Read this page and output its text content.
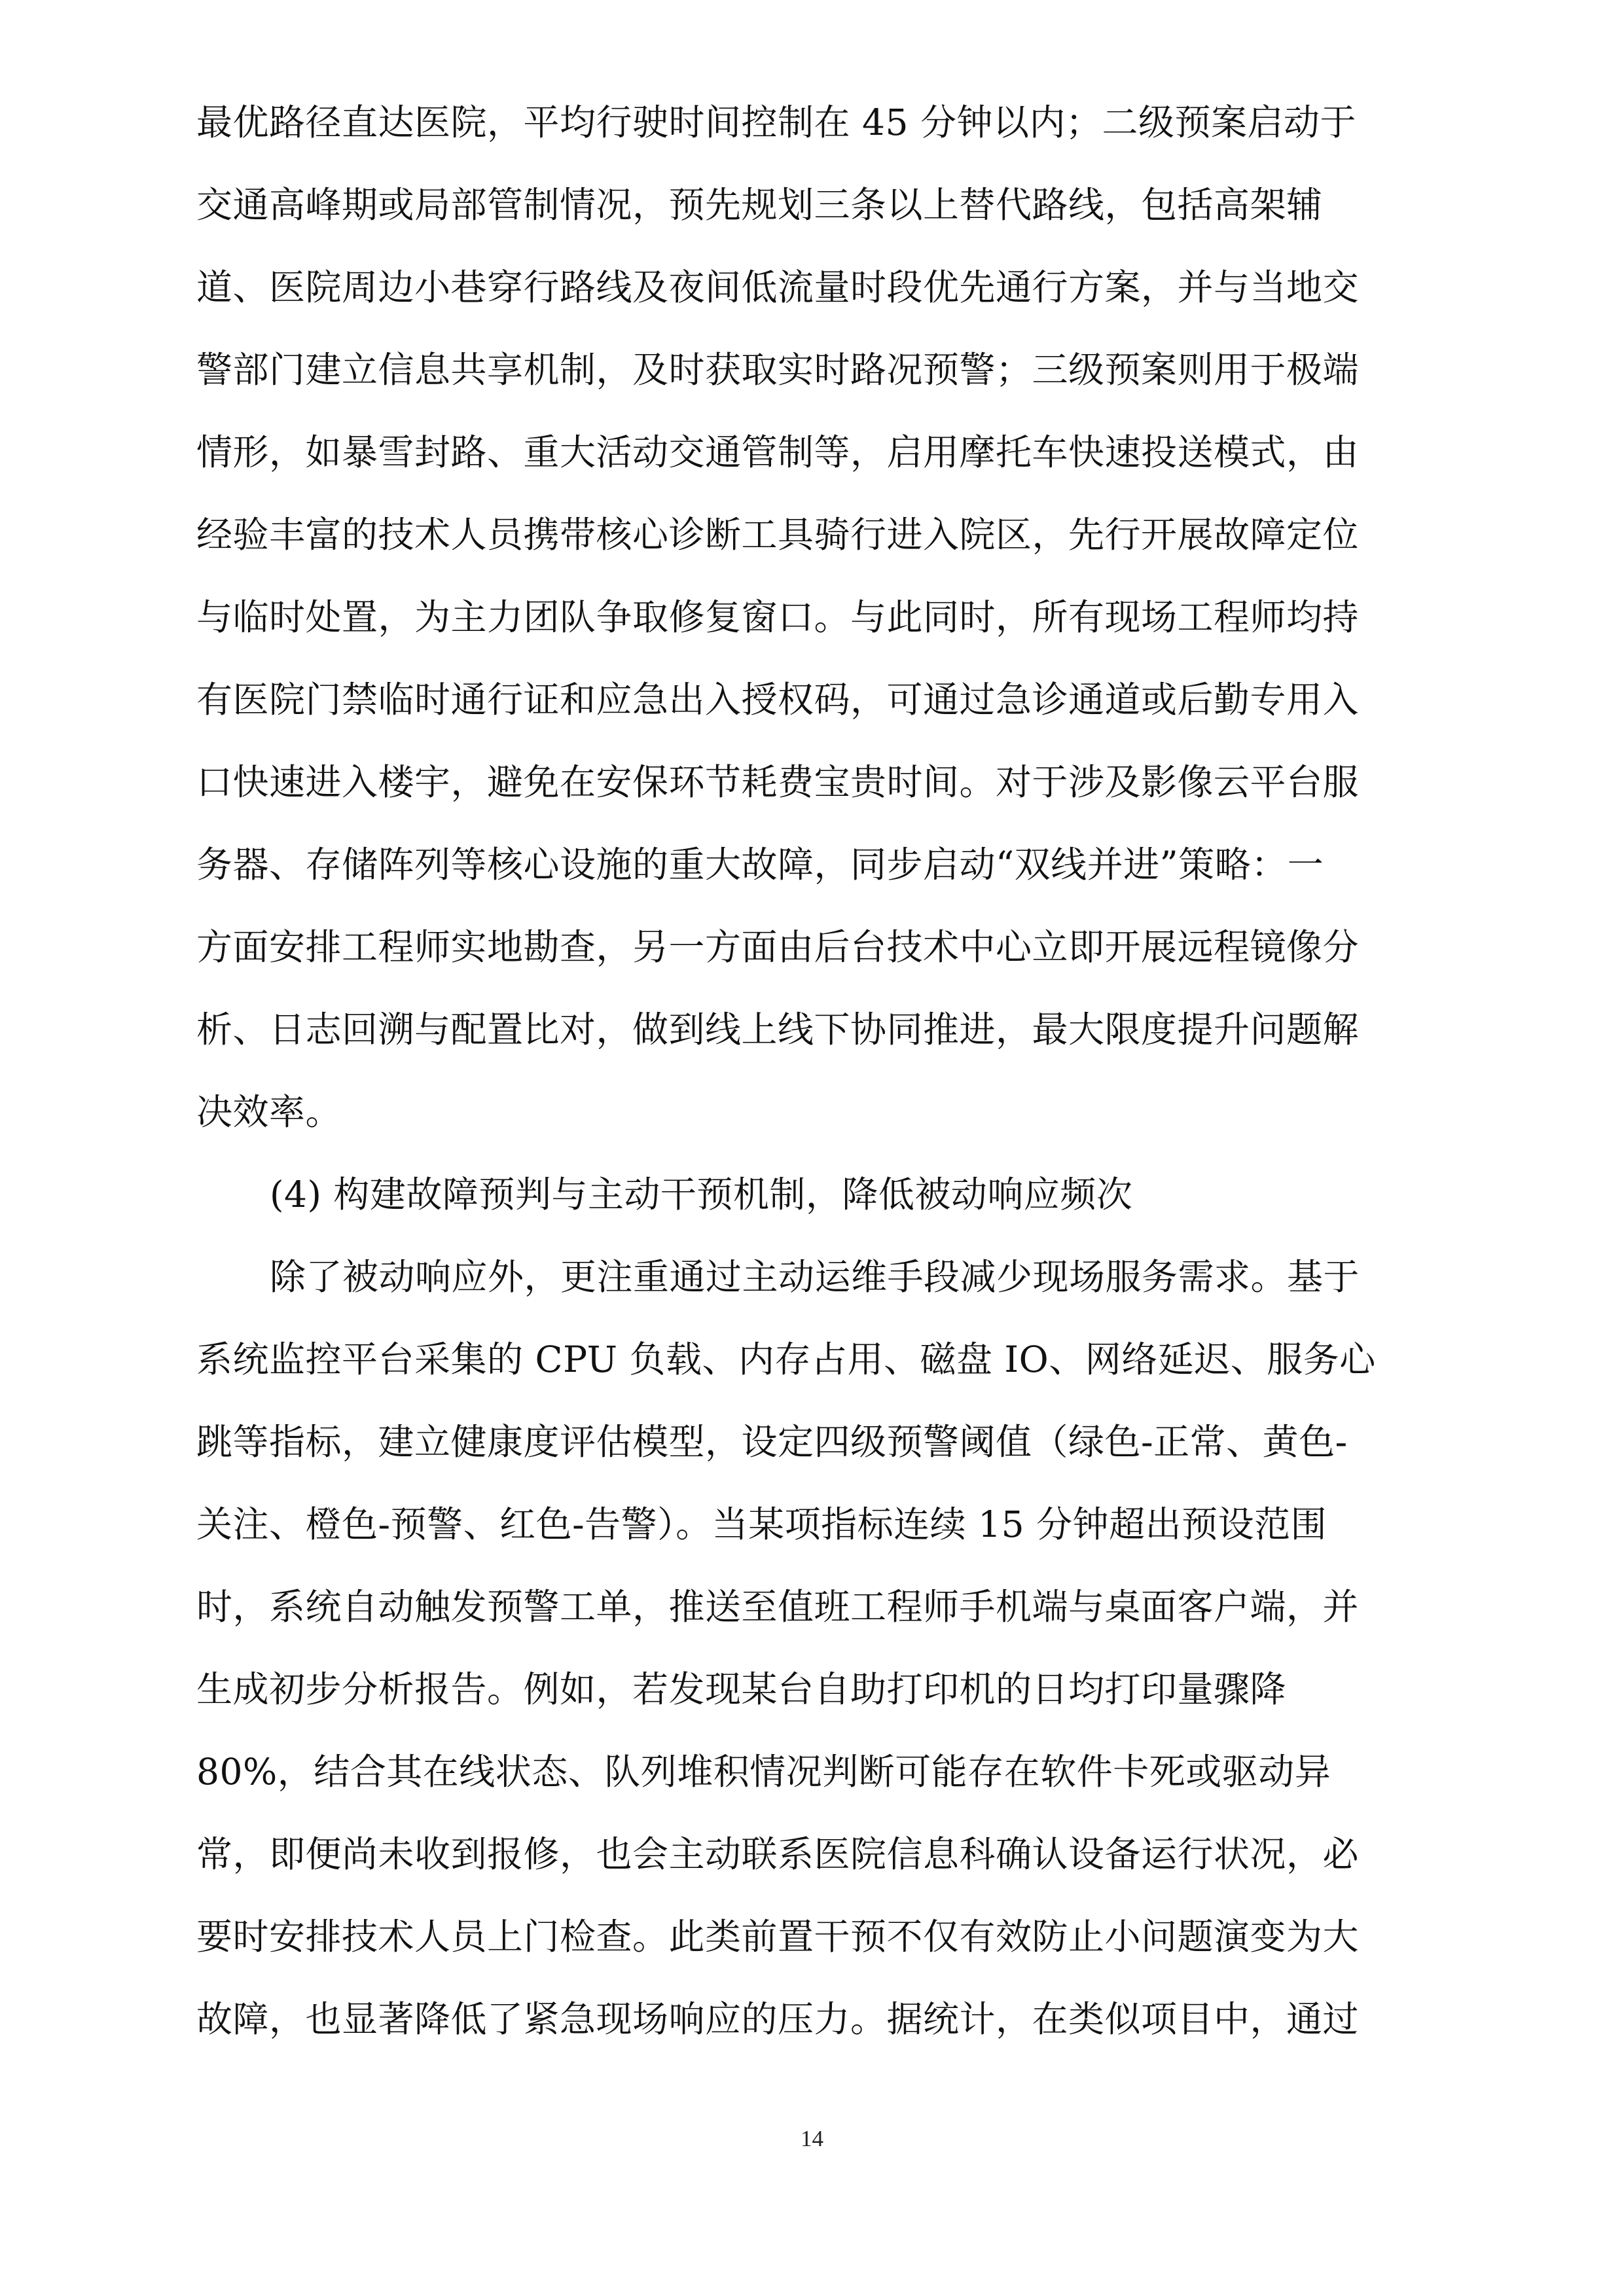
最优路径直达医院，平均行驶时间控制在 45 分钟以内；二级预案启动于
交通高峰期或局部管制情况，预先规划三条以上替代路线，包括高架辅
道、医院周边小巷穿行路线及夜间低流量时段优先通行方案，并与当地交
警部门建立信息共享机制，及时获取实时路况预警；三级预案则用于极端
情形，如暴雪封路、重大活动交通管制等，启用摩托车快速投送模式，由
经验丰富的技术人员携带核心诊断工具骑行进入院区，先行开展故障定位
与临时处置，为主力团队争取修复窗口。与此同时，所有现场工程师均持
有医院门禁临时通行证和应急出入授权码，可通过急诊通道或后勤专用入
口快速进入楼宇，避免在安保环节耗费宝贵时间。对于涉及影像云平台服
务器、存储阵列等核心设施的重大故障，同步启动“双线并进”策略：一
方面安排工程师实地勘查，另一方面由后台技术中心立即开展远程镜像分
析、日志回溯与配置比对，做到线上线下协同推进，最大限度提升问题解
决效率。
(4) 构建故障预判与主动干预机制，降低被动响应频次
除了被动响应外，更注重通过主动运维手段减少现场服务需求。基于
系统监控平台采集的 CPU 负载、内存占用、磁盘 IO、网络延迟、服务心
跳等指标，建立健康度评估模型，设定四级预警阈值（绿色-正常、黄色-
关注、橙色-预警、红色-告警）。当某项指标连续 15 分钟超出预设范围
时，系统自动触发预警工单，推送至值班工程师手机端与桌面客户端，并
生成初步分析报告。例如，若发现某台自助打印机的日均打印量骤降
80%，结合其在线状态、队列堆积情况判断可能存在软件卡死或驱动异
常，即便尚未收到报修，也会主动联系医院信息科确认设备运行状况，必
要时安排技术人员上门检查。此类前置干预不仅有效防止小问题演变为大
故障，也显著降低了紧急现场响应的压力。据统计，在类似项目中，通过
14
